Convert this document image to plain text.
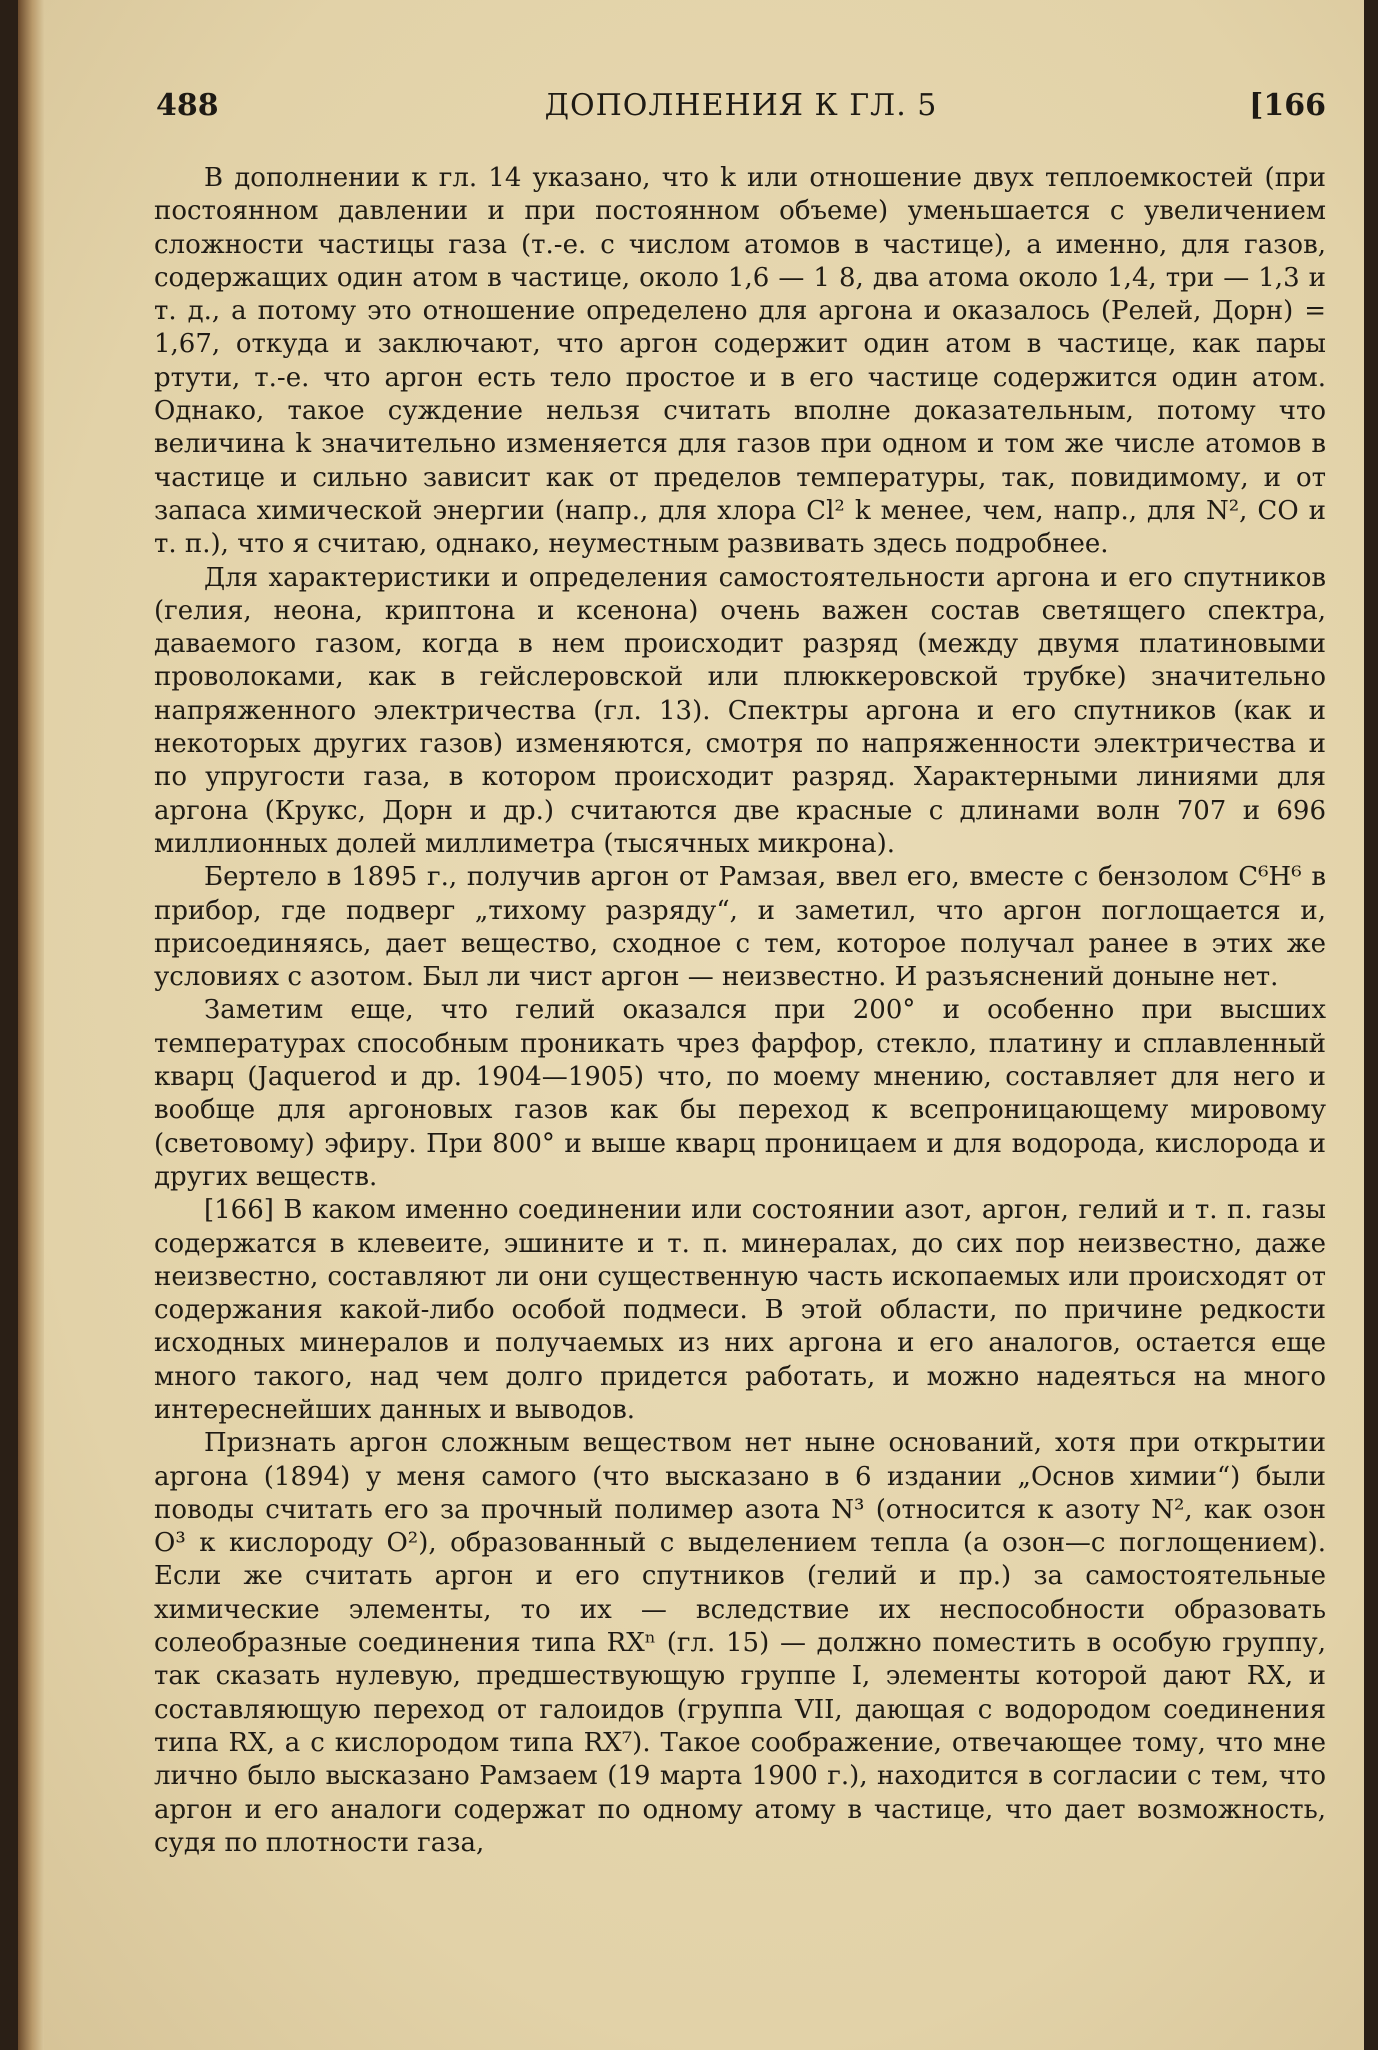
488	ДОПОЛНЕНИЯ К ГЛ. 5	[166

В дополнении к гл. 14 указано, что k или отношение двух теплоемкостей (при постоянном давлении и при постоянном объеме) уменьшается с увеличением сложности частицы газа (т.-е. с числом атомов в частице), а именно, для газов, содержащих один атом в частице, около 1,6 — 1 8, два атома около 1,4, три — 1,3 и т. д., а потому это отношение определено для аргона и оказалось (Релей, Дорн) = 1,67, откуда и заключают, что аргон содержит один атом в частице, как пары ртути, т.-е. что аргон есть тело простое и в его частице содержится один атом. Однако, такое суждение нельзя считать вполне доказательным, потому что величина k значительно изменяется для газов при одном и том же числе атомов в частице и сильно зависит как от пределов температуры, так, повидимому, и от запаса химической энергии (напр., для хлора Cl² k менее, чем, напр., для N², CO и т. п.), что я считаю, однако, неуместным развивать здесь подробнее.

Для характеристики и определения самостоятельности аргона и его спутников (гелия, неона, криптона и ксенона) очень важен состав светящего спектра, даваемого газом, когда в нем происходит разряд (между двумя платиновыми проволоками, как в гейслеровской или плюккеровской трубке) значительно напряженного электричества (гл. 13). Спектры аргона и его спутников (как и некоторых других газов) изменяются, смотря по напряженности электричества и по упругости газа, в котором происходит разряд. Характерными линиями для аргона (Крукс, Дорн и др.) считаются две красные с длинами волн 707 и 696 миллионных долей миллиметра (тысячных микрона).

Бертело в 1895 г., получив аргон от Рамзая, ввел его, вместе с бензолом C⁶H⁶ в прибор, где подверг „тихому разряду“, и заметил, что аргон поглощается и, присоединяясь, дает вещество, сходное с тем, которое получал ранее в этих же условиях с азотом. Был ли чист аргон — неизвестно. И разъяснений доныне нет.

Заметим еще, что гелий оказался при 200° и особенно при высших температурах способным проникать чрез фарфор, стекло, платину и сплавленный кварц (Jaquerod и др. 1904—1905) что, по моему мнению, составляет для него и вообще для аргоновых газов как бы переход к всепроницающему мировому (световому) эфиру. При 800° и выше кварц проницаем и для водорода, кислорода и других веществ.

[166] В каком именно соединении или состоянии азот, аргон, гелий и т. п. газы содержатся в клевеите, эшините и т. п. минералах, до сих пор неизвестно, даже неизвестно, составляют ли они существенную часть ископаемых или происходят от содержания какой-либо особой подмеси. В этой области, по причине редкости исходных минералов и получаемых из них аргона и его аналогов, остается еще много такого, над чем долго придется работать, и можно надеяться на много интереснейших данных и выводов.

Признать аргон сложным веществом нет ныне оснований, хотя при открытии аргона (1894) у меня самого (что высказано в 6 издании „Основ химии“) были поводы считать его за прочный полимер азота N³ (относится к азоту N², как озон O³ к кислороду O²), образованный с выделением тепла (а озон—с поглощением). Если же считать аргон и его спутников (гелий и пр.) за самостоятельные химические элементы, то их — вследствие их неспособности образовать солеобразные соединения типа RXⁿ (гл. 15) — должно поместить в особую группу, так сказать нулевую, предшествующую группе I, элементы которой дают RX, и составляющую переход от галоидов (группа VII, дающая с водородом соединения типа RX, а с кислородом типа RX⁷). Такое соображение, отвечающее тому, что мне лично было высказано Рамзаем (19 марта 1900 г.), находится в согласии с тем, что аргон и его аналоги содержат по одному атому в частице, что дает возможность, судя по плотности газа,
